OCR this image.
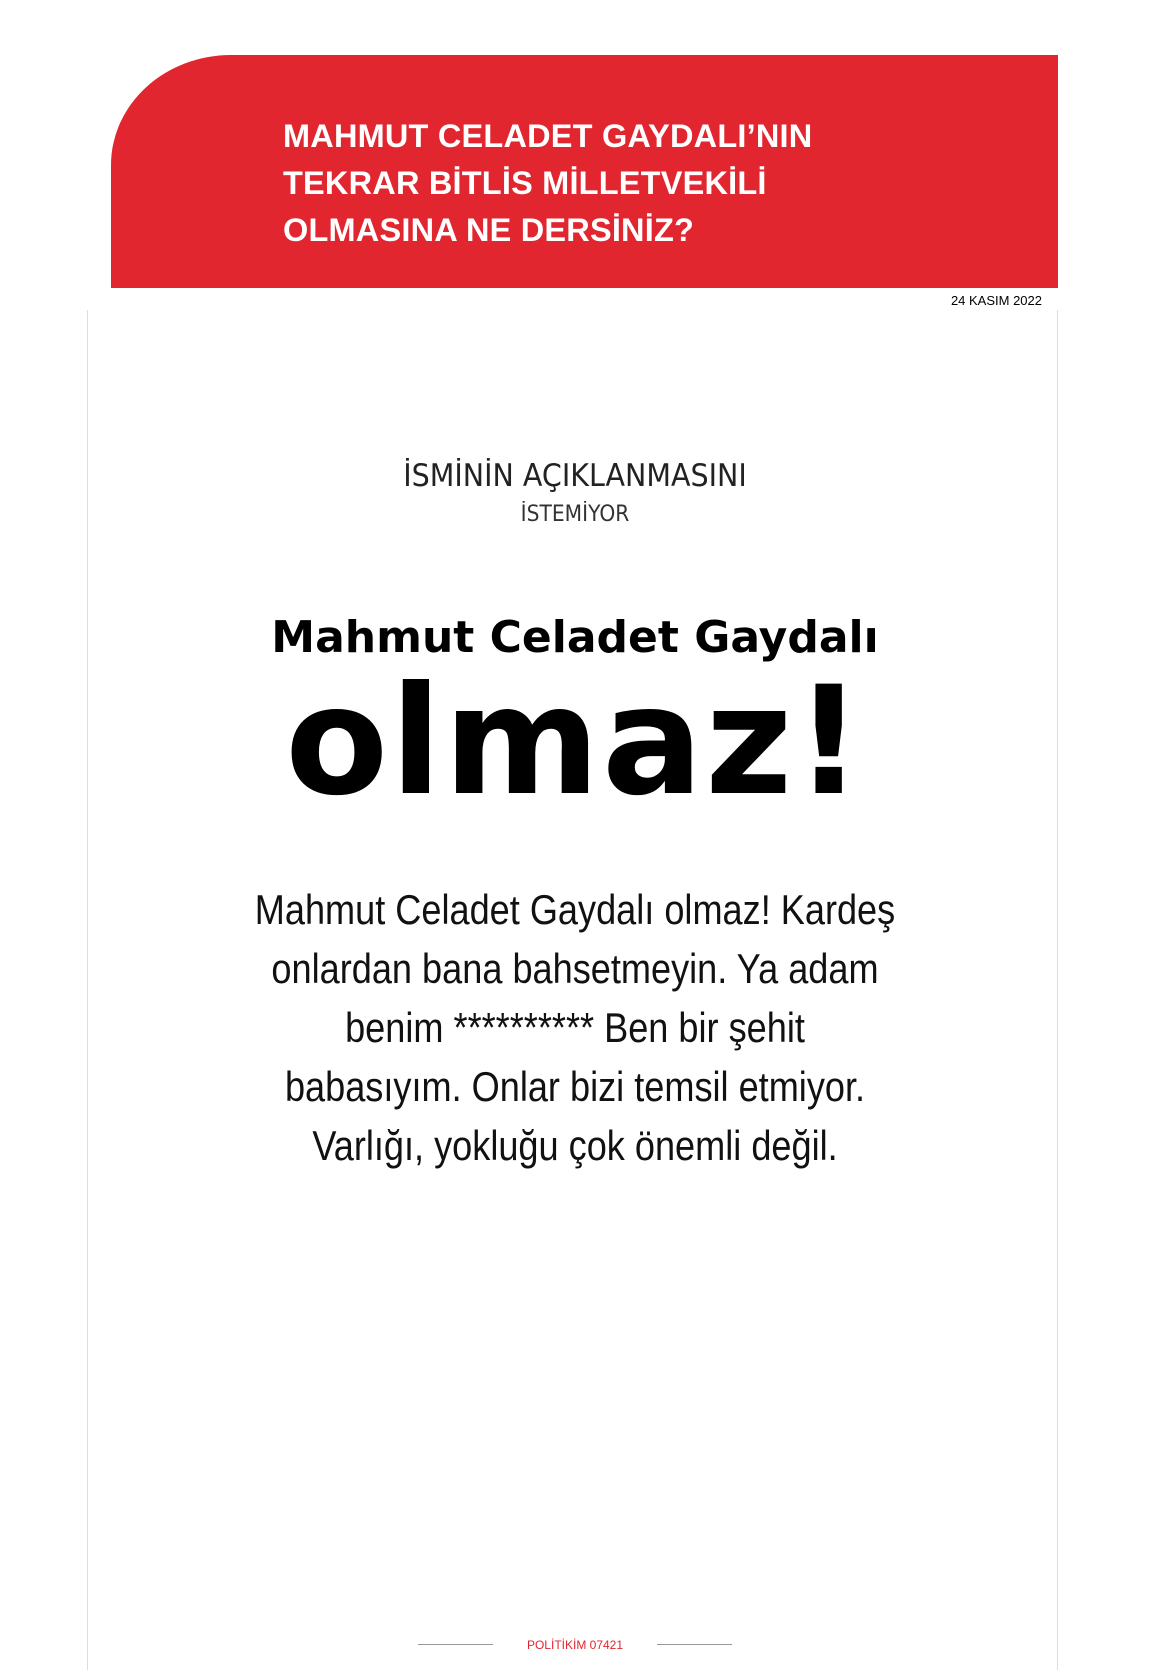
MAHMUT CELADET GAYDALI’NIN
TEKRAR BİTLİS MİLLETVEKİLİ
OLMASINA NE DERSİNİZ?
24 KASIM 2022
İSMİNİN AÇIKLANMASINI
İSTEMİYOR
Mahmut Celadet Gaydalı
olmaz!

Mahmut Celadet Gaydalı olmaz! Kardeş onlardan bana bahsetmeyin. Ya adam benim ********** Ben bir şehit babasıyım. Onlar bizi temsil etmiyor. Varlığı, yokluğu çok önemli değil.

POLİTİKİM 07421
